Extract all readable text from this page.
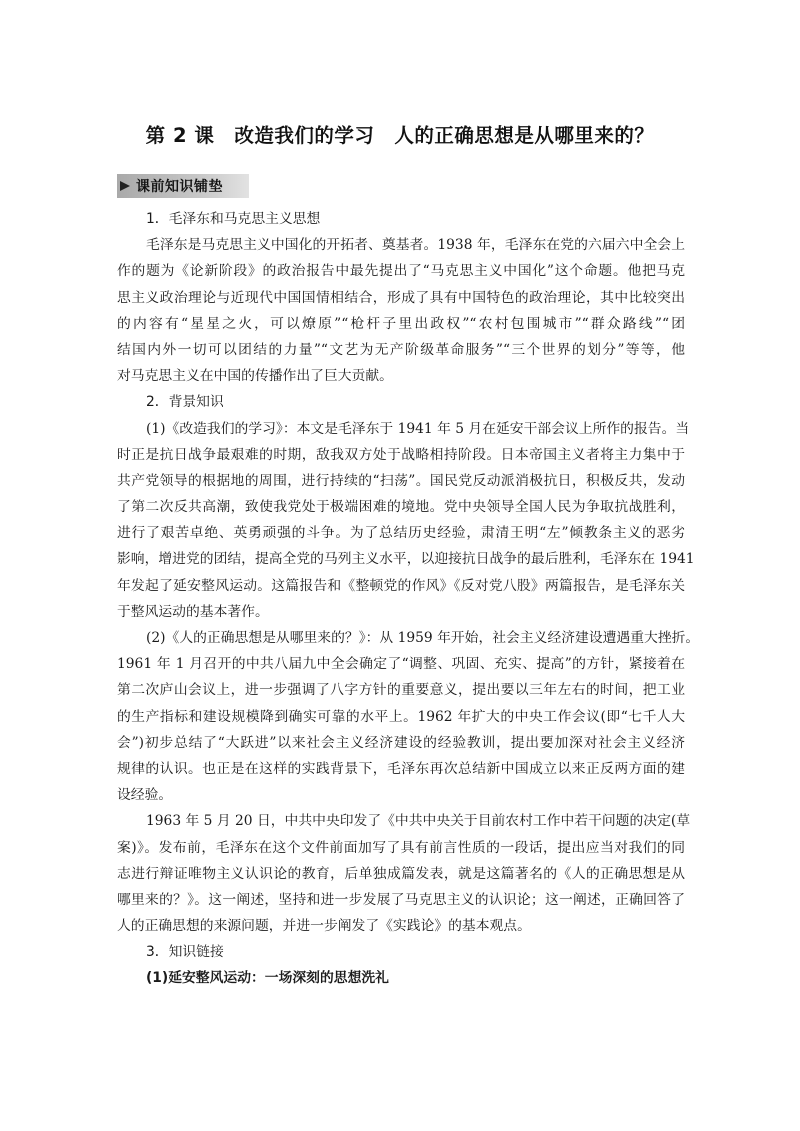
第 2 课　改造我们的学习　人的正确思想是从哪里来的？
课前知识铺垫
1．毛泽东和马克思主义思想
毛泽东是马克思主义中国化的开拓者、奠基者。1938 年，毛泽东在党的六届六中全会上
作的题为《论新阶段》的政治报告中最先提出了“马克思主义中国化”这个命题。他把马克
思主义政治理论与近现代中国国情相结合，形成了具有中国特色的政治理论，其中比较突出
的内容有“星星之火，可以燎原”“枪杆子里出政权”“农村包围城市”“群众路线”“团
结国内外一切可以团结的力量”“文艺为无产阶级革命服务”“三个世界的划分”等等，他
对马克思主义在中国的传播作出了巨大贡献。
2．背景知识
(1)《改造我们的学习》：本文是毛泽东于 1941 年 5 月在延安干部会议上所作的报告。当
时正是抗日战争最艰难的时期，敌我双方处于战略相持阶段。日本帝国主义者将主力集中于
共产党领导的根据地的周围，进行持续的“扫荡”。国民党反动派消极抗日，积极反共，发动
了第二次反共高潮，致使我党处于极端困难的境地。党中央领导全国人民为争取抗战胜利，
进行了艰苦卓绝、英勇顽强的斗争。为了总结历史经验，肃清王明“左”倾教条主义的恶劣
影响，增进党的团结，提高全党的马列主义水平，以迎接抗日战争的最后胜利，毛泽东在 1941
年发起了延安整风运动。这篇报告和《整顿党的作风》《反对党八股》两篇报告，是毛泽东关
于整风运动的基本著作。
(2)《人的正确思想是从哪里来的？》：从 1959 年开始，社会主义经济建设遭遇重大挫折。
1961 年 1 月召开的中共八届九中全会确定了“调整、巩固、充实、提高”的方针，紧接着在
第二次庐山会议上，进一步强调了八字方针的重要意义，提出要以三年左右的时间，把工业
的生产指标和建设规模降到确实可靠的水平上。1962 年扩大的中央工作会议(即“七千人大
会”)初步总结了“大跃进”以来社会主义经济建设的经验教训，提出要加深对社会主义经济
规律的认识。也正是在这样的实践背景下，毛泽东再次总结新中国成立以来正反两方面的建
设经验。
1963 年 5 月 20 日，中共中央印发了《中共中央关于目前农村工作中若干问题的决定(草
案)》。发布前，毛泽东在这个文件前面加写了具有前言性质的一段话，提出应当对我们的同
志进行辩证唯物主义认识论的教育，后单独成篇发表，就是这篇著名的《人的正确思想是从
哪里来的？》。这一阐述，坚持和进一步发展了马克思主义的认识论；这一阐述，正确回答了
人的正确思想的来源问题，并进一步阐发了《实践论》的基本观点。
3．知识链接
(1)延安整风运动：一场深刻的思想洗礼
